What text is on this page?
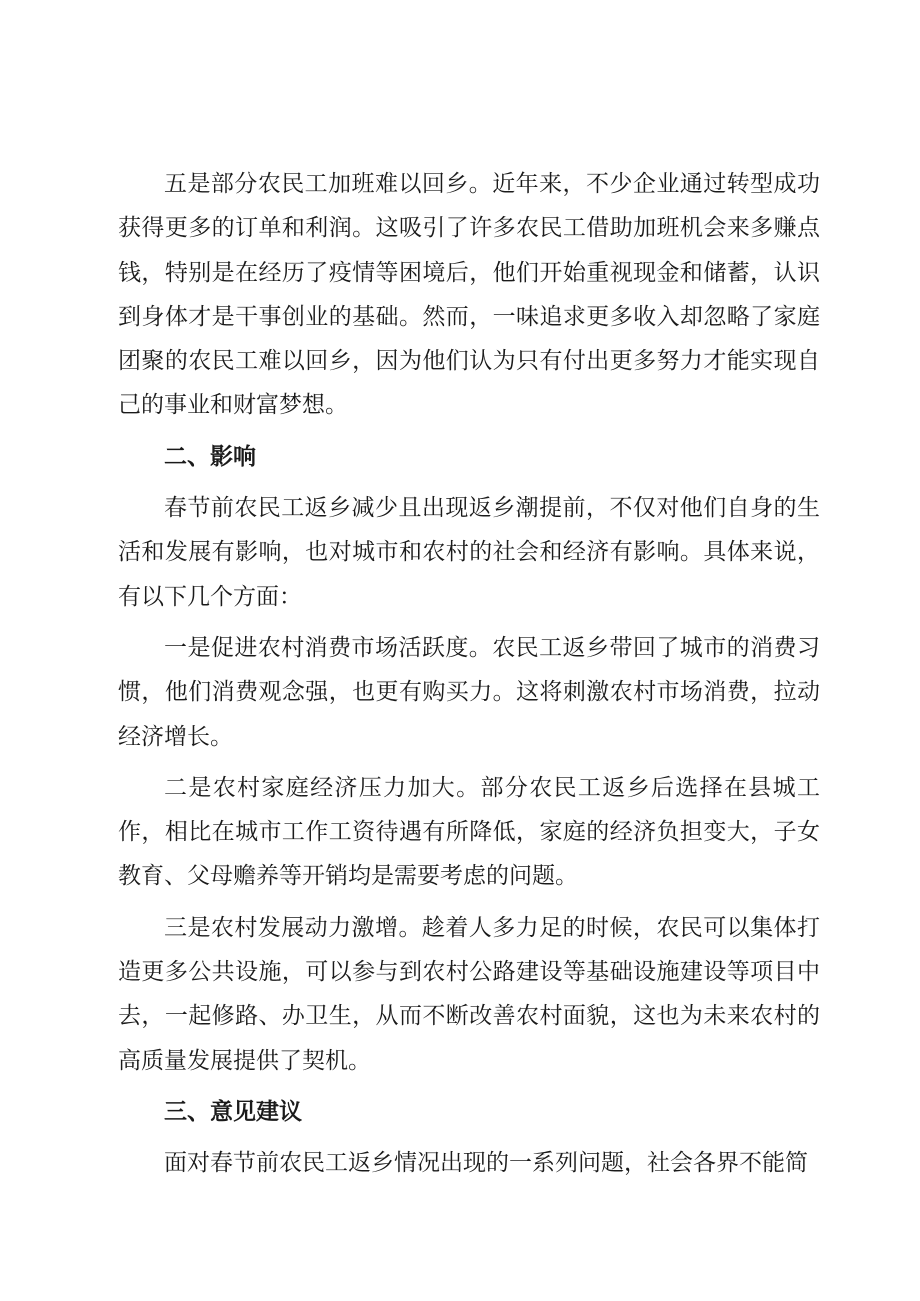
五是部分农民工加班难以回乡。近年来，不少企业通过转型成功获得更多的订单和利润。这吸引了许多农民工借助加班机会来多赚点钱，特别是在经历了疫情等困境后，他们开始重视现金和储蓄，认识到身体才是干事创业的基础。然而，一味追求更多收入却忽略了家庭团聚的农民工难以回乡，因为他们认为只有付出更多努力才能实现自己的事业和财富梦想。

二、影响

春节前农民工返乡减少且出现返乡潮提前，不仅对他们自身的生活和发展有影响，也对城市和农村的社会和经济有影响。具体来说，有以下几个方面：

一是促进农村消费市场活跃度。农民工返乡带回了城市的消费习惯，他们消费观念强，也更有购买力。这将刺激农村市场消费，拉动经济增长。

二是农村家庭经济压力加大。部分农民工返乡后选择在县城工作，相比在城市工作工资待遇有所降低，家庭的经济负担变大，子女教育、父母赡养等开销均是需要考虑的问题。

三是农村发展动力激增。趁着人多力足的时候，农民可以集体打造更多公共设施，可以参与到农村公路建设等基础设施建设等项目中去，一起修路、办卫生，从而不断改善农村面貌，这也为未来农村的高质量发展提供了契机。

三、意见建议

面对春节前农民工返乡情况出现的一系列问题，社会各界不能简
